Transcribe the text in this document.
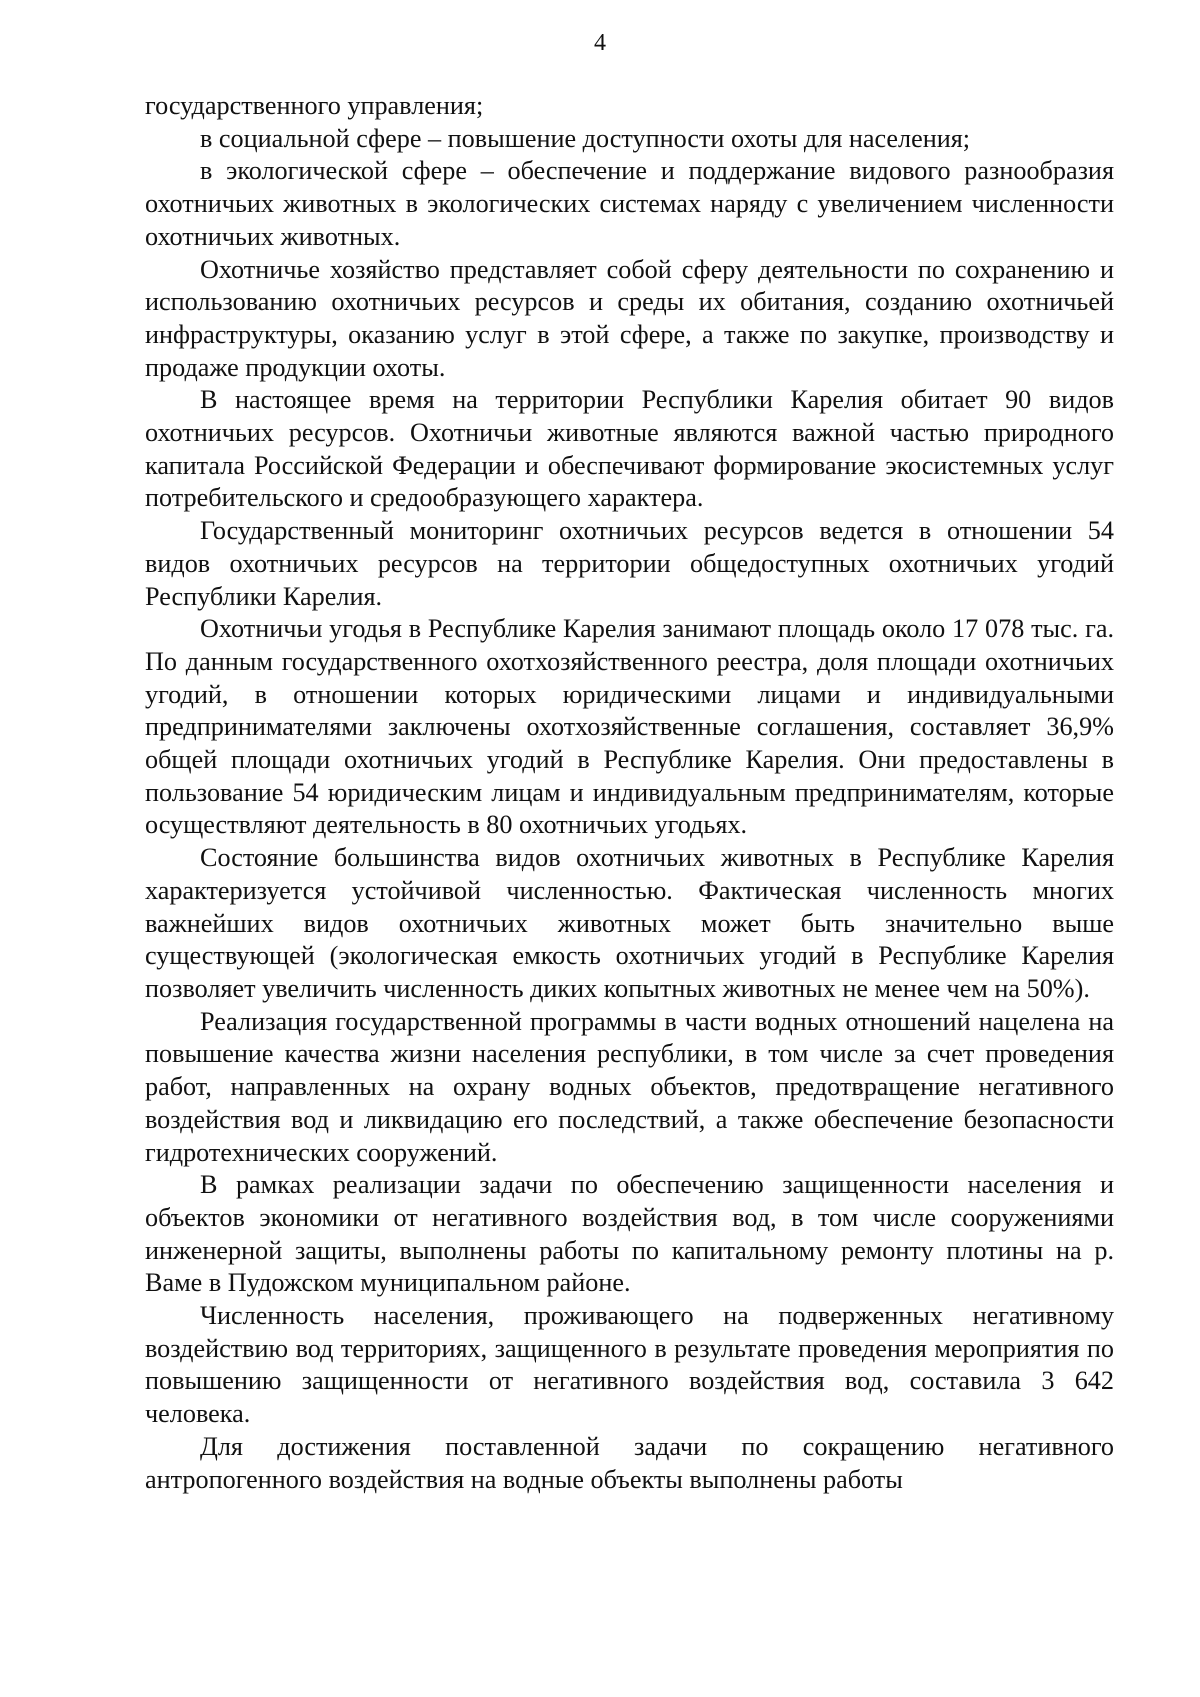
4

государственного управления;

в социальной сфере – повышение доступности охоты для населения;

в экологической сфере – обеспечение и поддержание видового разнообразия охотничьих животных в экологических системах наряду с увеличением численности охотничьих животных.

Охотничье хозяйство представляет собой сферу деятельности по сохранению и использованию охотничьих ресурсов и среды их обитания, созданию охотничьей инфраструктуры, оказанию услуг в этой сфере, а также по закупке, производству и продаже продукции охоты.

В настоящее время на территории Республики Карелия обитает 90 видов охотничьих ресурсов. Охотничьи животные являются важной частью природного капитала Российской Федерации и обеспечивают формирование экосистемных услуг потребительского и средообразующего характера.

Государственный мониторинг охотничьих ресурсов ведется в отношении 54 видов охотничьих ресурсов на территории общедоступных охотничьих угодий Республики Карелия.

Охотничьи угодья в Республике Карелия занимают площадь около 17 078 тыс. га. По данным государственного охотхозяйственного реестра, доля площади охотничьих угодий, в отношении которых юридическими лицами и индивидуальными предпринимателями заключены охотхозяйственные соглашения, составляет 36,9% общей площади охотничьих угодий в Республике Карелия. Они предоставлены в пользование 54 юридическим лицам и индивидуальным предпринимателям, которые осуществляют деятельность в 80 охотничьих угодьях.

Состояние большинства видов охотничьих животных в Республике Карелия характеризуется устойчивой численностью. Фактическая численность многих важнейших видов охотничьих животных может быть значительно выше существующей (экологическая емкость охотничьих угодий в Республике Карелия позволяет увеличить численность диких копытных животных не менее чем на 50%).

Реализация государственной программы в части водных отношений нацелена на повышение качества жизни населения республики, в том числе за счет проведения работ, направленных на охрану водных объектов, предотвращение негативного воздействия вод и ликвидацию его последствий, а также обеспечение безопасности гидротехнических сооружений.

В рамках реализации задачи по обеспечению защищенности населения и объектов экономики от негативного воздействия вод, в том числе сооружениями инженерной защиты, выполнены работы по капитальному ремонту плотины на р. Ваме в Пудожском муниципальном районе.

Численность населения, проживающего на подверженных негативному воздействию вод территориях, защищенного в результате проведения мероприятия по повышению защищенности от негативного воздействия вод, составила 3 642 человека.

Для достижения поставленной задачи по сокращению негативного антропогенного воздействия на водные объекты выполнены работы
